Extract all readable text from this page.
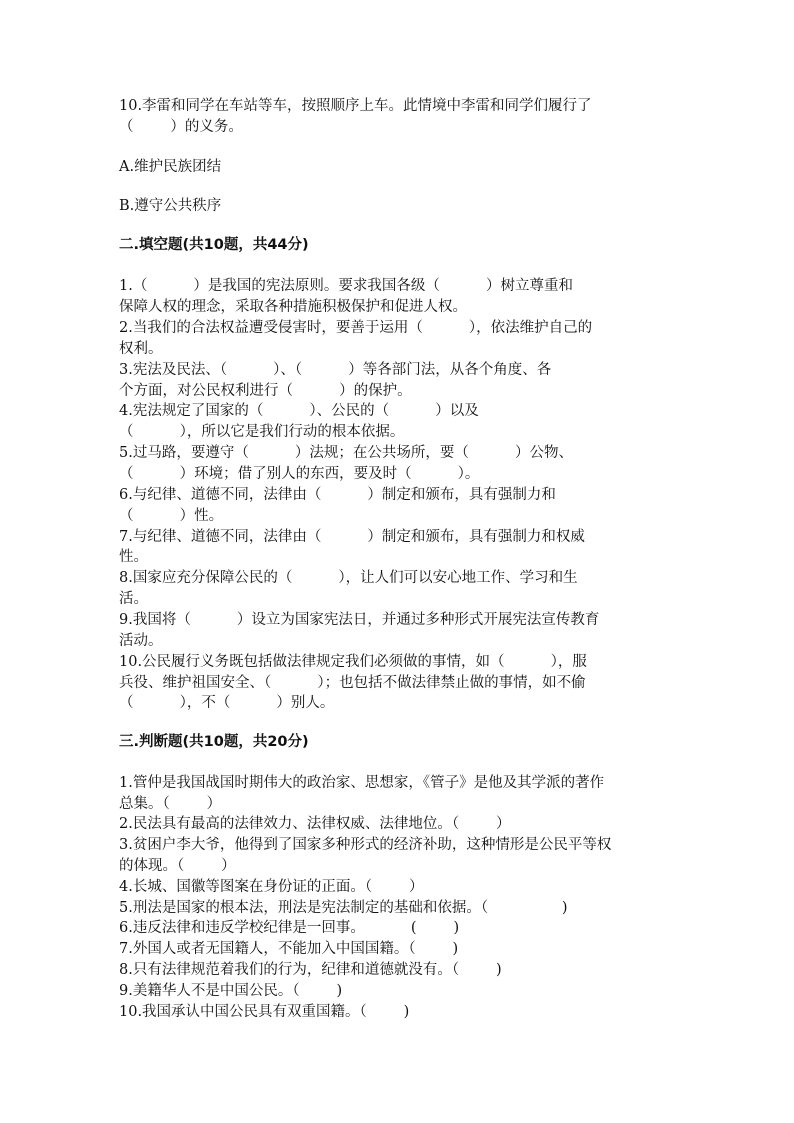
10.李雷和同学在车站等车，按照顺序上车。此情境中李雷和同学们履行了
（        ）的义务。
A.维护民族团结
B.遵守公共秩序
二.填空题(共10题，共44分)
1.（          ）是我国的宪法原则。要求我国各级（          ）树立尊重和
保障人权的理念，采取各种措施积极保护和促进人权。
2.当我们的合法权益遭受侵害时，要善于运用（          ），依法维护自己的
权利。
3.宪法及民法、（          ）、（          ）等各部门法，从各个角度、各
个方面，对公民权利进行（          ）的保护。
4.宪法规定了国家的（          ）、公民的（          ）以及
（          ），所以它是我们行动的根本依据。
5.过马路，要遵守（          ）法规；在公共场所，要（          ）公物、
（          ）环境；借了别人的东西，要及时（          ）。
6.与纪律、道德不同，法律由（          ）制定和颁布，具有强制力和
（          ）性。
7.与纪律、道德不同，法律由（          ）制定和颁布，具有强制力和权威
性。
8.国家应充分保障公民的（          ），让人们可以安心地工作、学习和生
活。
9.我国将（          ）设立为国家宪法日，并通过多种形式开展宪法宣传教育
活动。
10.公民履行义务既包括做法律规定我们必须做的事情，如（          ），服
兵役、维护祖国安全、（          ）；也包括不做法律禁止做的事情，如不偷
（          ），不（          ）别人。
三.判断题(共10题，共20分)
1.管仲是我国战国时期伟大的政治家、思想家，《管子》是他及其学派的著作
总集。（        ）
2.民法具有最高的法律效力、法律权威、法律地位。（        ）
3.贫困户李大爷，他得到了国家多种形式的经济补助，这种情形是公民平等权
的体现。（        ）
4.长城、国徽等图案在身份证的正面。（        ）
5.刑法是国家的根本法，刑法是宪法制定的基础和依据。（                )
6.违反法律和违反学校纪律是一回事。          (        )
7.外国人或者无国籍人，不能加入中国国籍。（        )
8.只有法律规范着我们的行为，纪律和道德就没有。（        )
9.美籍华人不是中国公民。（        )
10.我国承认中国公民具有双重国籍。（        )
